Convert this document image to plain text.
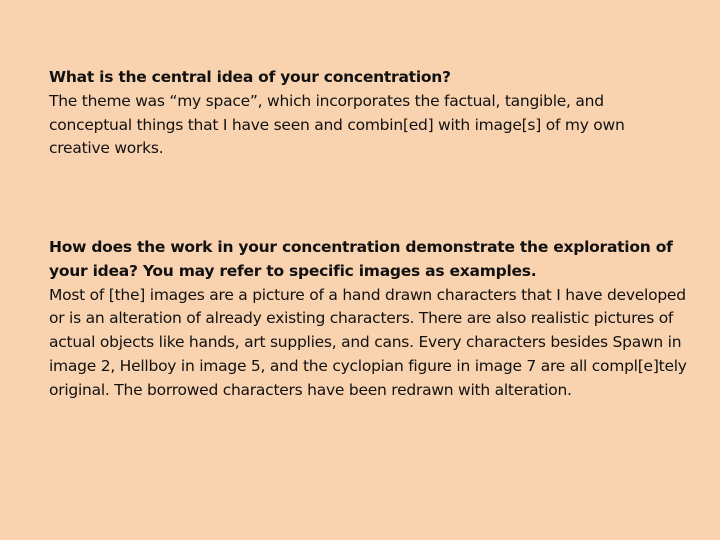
What is the central idea of your concentration?

The theme was “my space”, which incorporates the factual, tangible, and conceptual things that I have seen and combin[ed] with image[s] of my own creative works.

How does the work in your concentration demonstrate the exploration of your idea? You may refer to specific images as examples.

Most of [the] images are a picture of a hand drawn characters that I have developed or is an alteration of already existing characters. There are also realistic pictures of actual objects like hands, art supplies, and cans. Every characters besides Spawn in image 2, Hellboy in image 5, and the cyclopian figure in image 7 are all compl[e]tely original. The borrowed characters have been redrawn with alteration.
